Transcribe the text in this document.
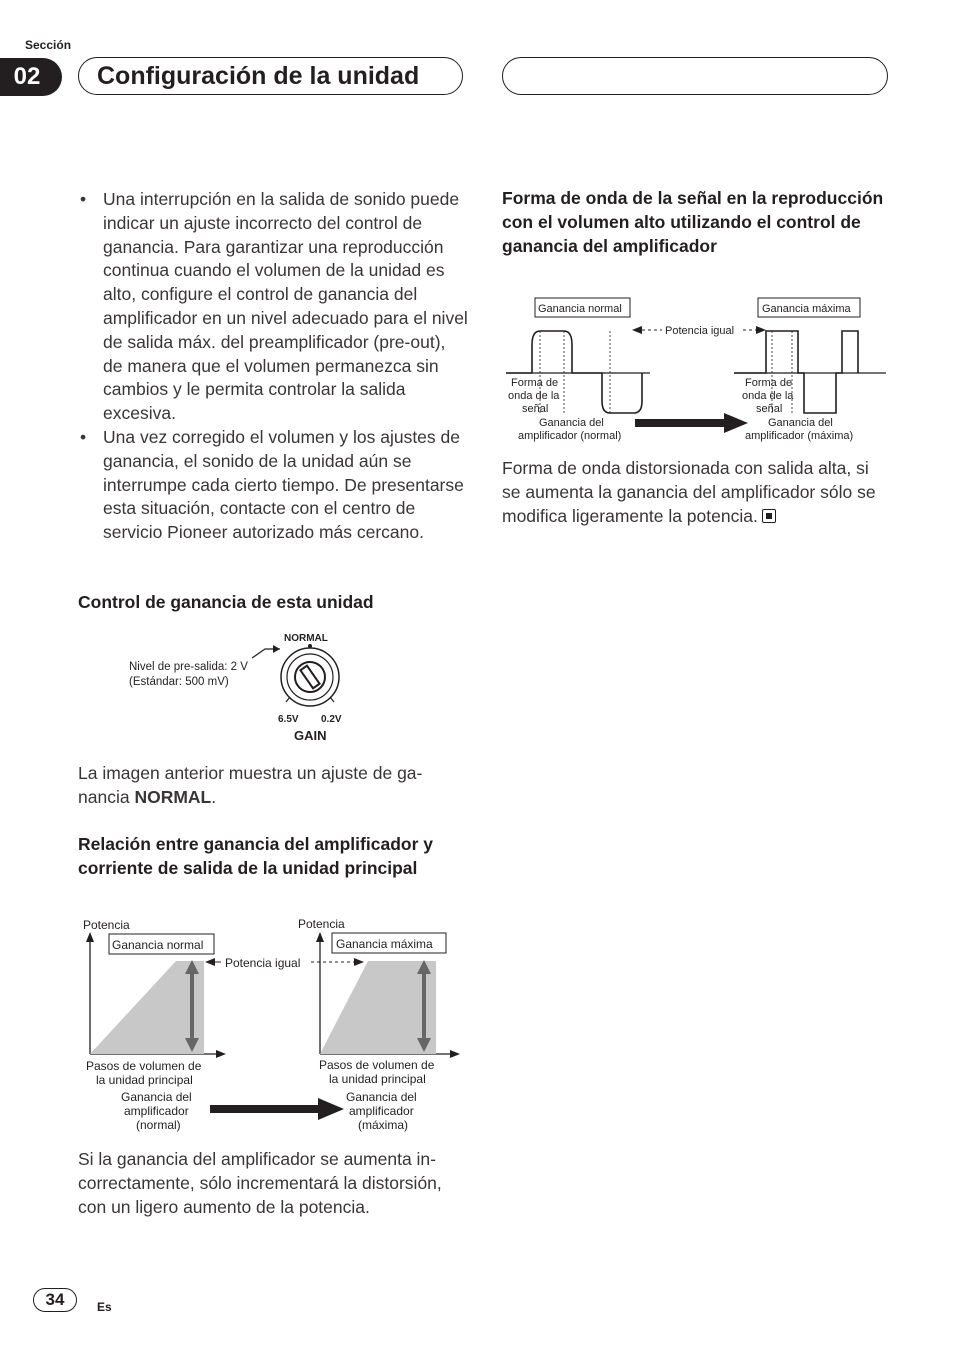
Sección
02	Configuración de la unidad
• Una interrupción en la salida de sonido puede indicar un ajuste incorrecto del control de ganancia. Para garantizar una reproducción continua cuando el volumen de la unidad es alto, configure el control de ganancia del amplificador en un nivel adecuado para el nivel de salida máx. del preamplificador (pre-out), de manera que el volumen permanezca sin cambios y le permita controlar la salida excesiva.
• Una vez corregido el volumen y los ajustes de ganancia, el sonido de la unidad aún se interrumpe cada cierto tiempo. De presentarse esta situación, contacte con el centro de servicio Pioneer autorizado más cercano.
Control de ganancia de esta unidad
Nivel de pre-salida: 2 V
(Estándar: 500 mV)
NORMAL
6.5V 0.2V
GAIN
La imagen anterior muestra un ajuste de ganancia NORMAL.
Relación entre ganancia del amplificador y corriente de salida de la unidad principal
Potencia
Ganancia normal
Pasos de volumen de
la unidad principal
Ganancia del
amplificador
(normal)
Potencia igual
Potencia
Ganancia máxima
Pasos de volumen de
la unidad principal
Ganancia del
amplificador
(máxima)
Si la ganancia del amplificador se aumenta incorrectamente, sólo incrementará la distorsión, con un ligero aumento de la potencia.
Forma de onda de la señal en la reproducción con el volumen alto utilizando el control de ganancia del amplificador
Ganancia normal
Forma de
onda de la
señal
Ganancia del
amplificador (normal)
Potencia igual
Ganancia máxima
Forma de
onda de la
señal
Ganancia del
amplificador (máxima)
Forma de onda distorsionada con salida alta, si se aumenta la ganancia del amplificador sólo se modifica ligeramente la potencia.
34	Es
